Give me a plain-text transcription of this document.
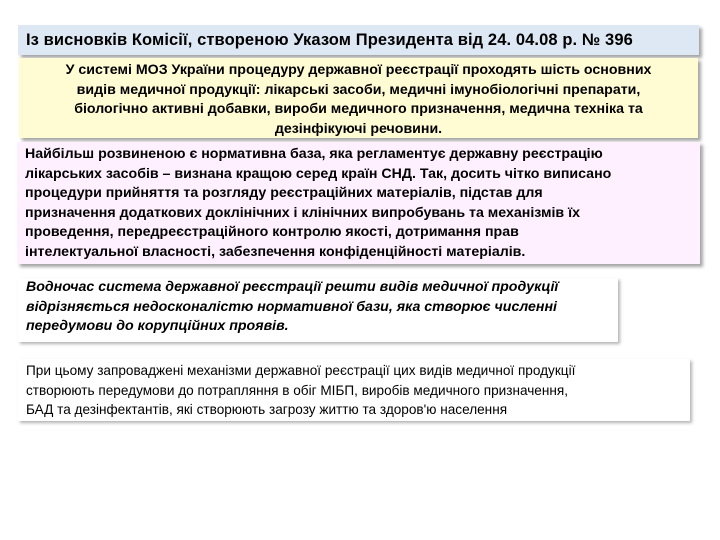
Із висновків Комісії, створеною Указом Президента від 24. 04.08 р. № 396
У системі МОЗ України процедуру державної реєстрації проходять шість основних
видів медичної продукції: лікарські засоби, медичні імунобіологічні препарати,
біологічно активні добавки, вироби медичного призначення, медична техніка та
дезінфікуючі речовини.
Найбільш розвиненою є нормативна база, яка регламентує державну реєстрацію
лікарських засобів – визнана кращою серед країн СНД. Так, досить чітко виписано
процедури прийняття та розгляду реєстраційних матеріалів, підстав для
призначення додаткових доклінічних і клінічних випробувань та механізмів їх
проведення, передреєстраційного контролю якості, дотримання прав
інтелектуальної власності, забезпечення конфіденційності матеріалів.
Водночас система державної реєстрації решти видів медичної продукції
відрізняється недосконалістю нормативної бази, яка створює численні
передумови до корупційних проявів.
При цьому запроваджені механізми державної реєстрації цих видів медичної продукції
створюють передумови до потрапляння в обіг МІБП, виробів медичного призначення,
БАД та дезінфектантів, які створюють загрозу життю та здоров'ю населення
